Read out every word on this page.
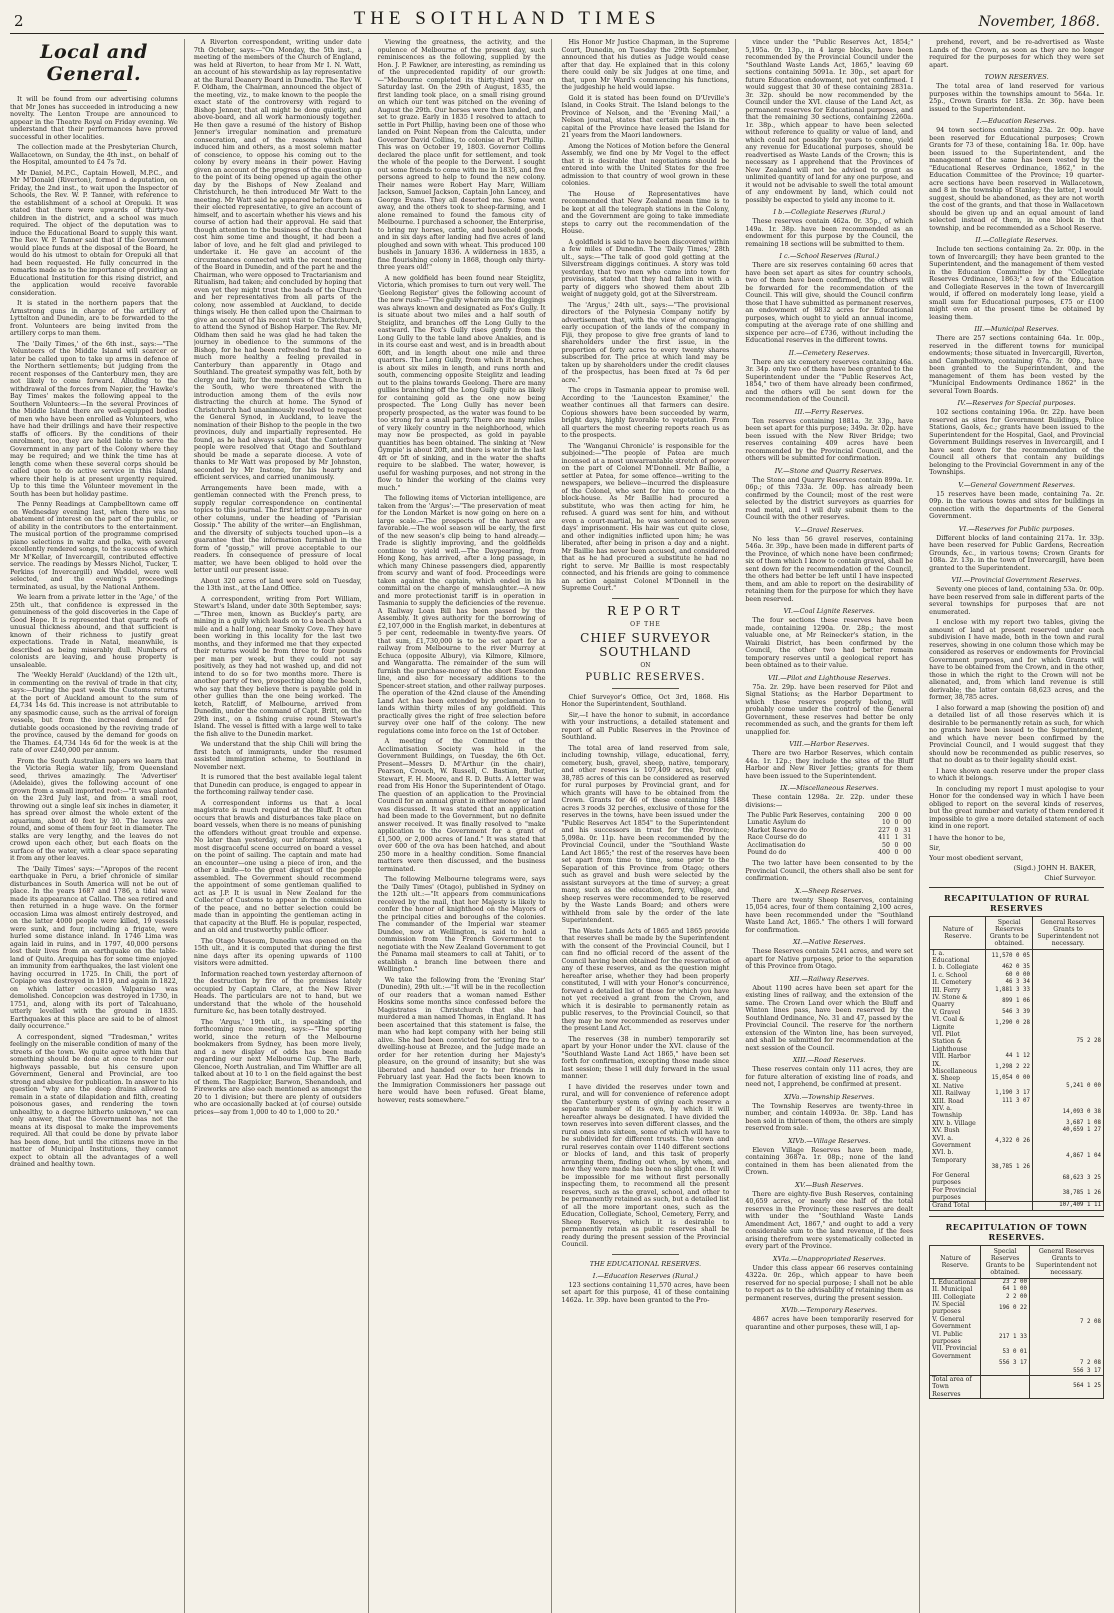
2	THE SOITHLAND TIMES	November, 1868.
Local and General.

It will be found from our advertising columns that Mr Jones has succeeded in introducing a new novelty. The Lenton Troupe are announced to appear in the Theatre Royal on Friday evening. We understand that their performances have proved successful in other localities.

The collection made at the Presbyterian Church, Wallacetown, on Sunday, the 4th inst., on behalf of the Hospital, amounted to £4 7s 7d.

Mr Daniel, M.P.C., Captain Howell, M.P.C., and Mr M'Donald (Riverton), formed a deputation, on Friday, the 2nd inst., to wait upon the Inspector of Schools, the Rev. W. P. Tanner, with reference to the establishment of a school at Orepuki. It was stated that there were upwards of thirty-two children in the district, and a school was much required. The object of the deputation was to induce the Educational Board to supply this want. The Rev. W. P. Tanner said that if the Government would place funds at the disposal of the Board, he would do his utmost to obtain for Orepuki all that had been requested. He fully concurred in the remarks made as to the importance of providing an Educational Institution for this rising district, and the application would receive favorable consideration.

It is stated in the northern papers that the Armstrong guns in charge of the artillery of Lyttelton and Dunedin, are to be forwarded to the front. Volunteers are being invited from the artillery corps to man them.

The 'Daily Times,' of the 6th inst., says:—"The Volunteers of the Middle Island will scarcer or later be called upon to take up arms in defence of the Northern settlements; but judging from the recent responses of the Canterbury men, they are not likely to come forward. Alluding to the withdrawal of the forces from Napier, the 'Hawke's Bay Times' makes the following appeal to the Southern Volunteers:—In the several Provinces of the Middle Island there are well-equipped bodies of men who have been enrolled as Volunteers, who have had their drillings and have their respective staffs of officers. By the conditions of their enrolment, too, they are held liable to serve the Government in any part of the Colony where they may be required; and we think the time has at length come when these several corps should be called upon to do active service in this Island, where their help is at present urgently required. Up to this time the Volunteer movement in the South has been but holiday pastime.

The Penny Readings at Campbelltown came off on Wednesday evening last, when there was no abatement of interest on the part of the public, or of ability in the contributors to the entertainment. The musical portion of the programme comprised piano selections in waltz and polka, with several excellently rendered songs, to the success of which Mr M'Kellar, of Invercargill, contributed effective service. The readings by Messrs Nichol, Tucker, T. Perkins (of Invercargill) and Waddel, were well selected, and the evening's proceedings terminated, as usual, by the National Anthem.

We learn from a private letter in the 'Age,' of the 25th ult., that confidence is expressed in the genuineness of the gold discoveries in the Cape of Good Hope. It is represented that quartz reefs of unusual thickness abound, and that sufficient is known of their richness to justify great expectations. Trade in Natal, meanwhile, is described as being miserably dull. Numbers of colonists are leaving, and house property is unsaleable.

The 'Weekly Herald' (Auckland) of the 12th ult., in commenting on the revival of trade in that city, says:—During the past week the Customs returns at the port of Auckland amount to the sum of £4,734 14s 6d. This increase is not attributable to any spasmodic cause, such as the arrival of foreign vessels, but from the increased demand for dutiable goods occasioned by the reviving trade of the province, caused by the demand for goods on the Thames. £4,734 14s 6d for the week is at the rate of over £240,000 per annum.

From the South Australian papers we learn that the Victoria Regia water lily, from Queensland seed, thrives amazingly. The 'Advertiser' (Adelaide), gives the following account of one grown from a small imported root:—"It was planted on the 23rd July last, and from a small root, throwing out a single leaf six inches in diameter, it has spread over almost the whole extent of the aquarium, about 40 feet by 30. The leaves are round, and some of them four feet in diameter. The stalks are very lengthy, and the leaves do not crowd upon each other, but each floats on the surface of the water, with a clear space separating it from any other leaves.

The 'Daily Times' says:—"Apropos of the recent earthquake in Peru, a brief chronicle of similar disturbances in South America will not be out of place. In the years 1687 and 1786, a tidal wave made its appearance at Callao. The sea retired and then returned in a huge wave. On the former occasion Lima was almost entirely destroyed, and on the latter 4000 people were killed, 19 vessels were sunk, and four, including a frigate, were hurled some distance inland. In 1746 Lima was again laid in ruins, and in 1797, 40,000 persons lost their lives from an earthquake on the table-land of Quito. Arequipa has for some time enjoyed an immunity from earthquakes, the last violent one having occurred in 1725. In Chili, the port of Copiapo was destroyed in 1819, and again in 1822, on which latter occasion Valparaiso was demolished. Concepcion was destroyed in 1730, in 1751, and, along with its port of Talcahuano, utterly levelled with the ground in 1835. Earthquakes at this place are said to be of almost daily occurrence."

A correspondent, signed "Tradesman," writes feelingly on the miserable condition of many of the streets of the town. We quite agree with him that something should be done at once to render our highways passable, but his censure upon Government, General and Provincial, are too strong and abusive for publication. In answer to his question "why are the deep drains allowed to remain in a state of dilapidation and filth, creating poisonous gases, and rendering the town unhealthy, to a degree hitherto unknown," we can only answer, that the Government has not the means at its disposal to make the improvements required. All that could be done by private labor has been done, but until the citizens move in the matter of Municipal Institutions, they cannot expect to obtain all the advantages of a well drained and healthy town.

A Riverton correspondent, writing under date 7th October, says:—"On Monday, the 5th inst., a meeting of the members of the Church of England, was held at Riverton, to hear from Mr I. N. Watt, an account of his stewardship as lay representative at the Rural Deanery Board in Dunedin. The Rev W. F. Oldham, the Chairman, announced the object of the meeting, viz., to make known to the people the exact state of the controversy with regard to Bishop Jenner, that all might be done quietly, and above-board, and all work harmoniously together. He then gave a resumé of the history of Bishop Jenner's irregular nomination and premature consecration, and of the reasons which had induced him and others, as a most solemn matter of conscience, to oppose his coming out to the colony by every means in their power. Having given an account of the progress of the question up to the point of its being opened up again the other day by the Bishops of New Zealand and Christchurch, he then introduced Mr Watt to the meeting. Mr Watt said he appeared before them as their elected representative, to give an account of himself, and to ascertain whether his views and his course of action had their approval. He said that though attention to the business of the church had cost him some time and thought, it had been a labor of love, and he felt glad and privileged to undertake it. He gave an account of the circumstances connected with the recent meeting of the Board in Dunedin, and of the part he and the Chairman, who were opposed to Tractarianism and Ritualism, had taken; and concluded by hoping that even yet they might trust the heads of the Church and her representatives from all parts of the colony, now assembled at Auckland, to decide things wisely. He then called upon the Chairman to give an account of his recent visit to Christchurch, to attend the Synod of Bishop Harper. The Rev. Mr Oldham then said he was glad he had taken the journey in obedience to the summons of the Bishop, for he had been refreshed to find that so much more healthy a feeling prevailed in Canterbury than apparently in Otago and Southland. The greatest sympathy was felt, both by clergy and laity, for the members of the Church in the South, who were threatened with the introduction among them of the evils now distracting the church at home. The Synod of Christchurch had unanimously resolved to request the General Synod, in Auckland, to leave the nomination of their Bishop to the people in the two provinces, duly and impartially represented. He found, as he had always said, that the Canterbury people were resolved that Otago and Southland should be made a separate diocese. A vote of thanks to Mr Watt was proposed by Mr Johnston, seconded by Mr Instone, for his hearty and efficient services, and carried unanimously.

Arrangements have been made, with a gentleman connected with the French press, to supply regular correspondence on continental topics to this journal. The first letter appears in our other columns, under the heading of "Parisian Gossip." The ability of the writer—an Englishman, and the diversity of subjects touched upon—is a guarantee that the information furnished in the form of "gossip," will prove acceptable to our readers. In consequence of pressure of local matter, we have been obliged to hold over the letter until our present issue.

About 320 acres of land were sold on Tuesday, the 13th inst., at the Land Office.

A correspondent, writing from Port William, Stewart's Island, under date 30th September, says:—"Three men, known as Buckley's party, are mining in a gully which leads on to a beach about a mile and a half long, near Smoky Cove. They have been working in this locality for the last two months, and they informed me that they expected their returns would be from three to four pounds per man per week, but they could not say positively, as they had not washed up, and did not intend to do so for two months more. There is another party of two, prospecting along the beach, who say that they believe there is payable gold in other gullies than the one being worked. The ketch, Ratcliff, of Melbourne, arrived from Dunedin, under the command of Capt. Britt, on the 29th inst., on a fishing cruise round Stewart's Island. The vessel is fitted with a large well to take the fish alive to the Dunedin market.

We understand that the ship Chili will bring the first batch of immigrants, under the resumed assisted immigration scheme, to Southland in November next.

It is rumored that the best available legal talent that Dunedin can produce, is engaged to appear in the forthcoming railway tender case.

A correspondent informs us that a local magistrate is much required at the Bluff. It often occurs that brawls and disturbances take place on board vessels, when there is no means of punishing the offenders without great trouble and expense. No later than yesterday, our informant states, a most disgraceful scene occurred on board a vessel on the point of sailing. The captain and mate had an encounter—one using a piece of iron, and the other a knife—to the great disgust of the people assembled. The Government should recommend the appointment of some gentleman qualified to act as J.P. It is usual in New Zealand for the Collector of Customs to appear in the commission of the peace, and no better selection could be made than in appointing the gentleman acting in that capacity at the Bluff. He is popular, respected, and an old and trustworthy public officer.

The Otago Museum, Dunedin was opened on the 15th ult., and it is computed that during the first nine days after its opening upwards of 1100 visitors were admitted.

Information reached town yesterday afternoon of the destruction by fire of the premises lately occupied by Captain Clare, at the New River Heads. The particulars are not to hand, but we understand that the whole of the household furniture &c, has been totally destroyed.

The 'Argus,' 19th ult., in speaking of the forthcoming race meeting, says:—"The sporting world, since the return of the Melbourne bookmakers from Sydney, has been more lively, and a new display of odds has been made regarding our next Melbourne Cup. The Barb, Glencoe, North Australian, and Tim Whiffler are all talked about at 10 to 1 on the field against the best of them. The Ragpicker, Barwon, Shenandoah, and Fireworks are also each mentioned as amongst the 20 to 1 division; but there are plenty of outsiders who are occasionally backed at (of course) outside prices—say from 1,000 to 40 to 1,000 to 20."

Viewing the greatness, the activity, and the opulence of Melbourne of the present day, such reminiscences as the following, supplied by the Hon. J. P. Fawkner, are interesting, as reminding us of the unprecedented rapidity of our growth:—"Melbourne completed its thirty-third year on Saturday last. On the 29th of August, 1835, the first landing took place, on a small rising ground on which our tent was pitched on the evening of August the 29th. Our horses were then landed, and set to graze. Early in 1835 I resolved to attach to settle in Port Phillip, having been one of those who landed on Point Nepean from the Calcutta, under Governor David Collins, to colonise at Port Phillip. This was on October 19, 1803. Governor Collins declared the place unfit for settlement, and took the whole of the people to the Derwent. I sought out some friends to come with me in 1835, and five persons agreed to help to found the new colony. Their names were Robert Hay Marr, William Jackson, Samuel Jackson, Captain John Lancey, and George Evans. They all deserted me. Some went away, and the others took to sheep-farming, and I alone remained to found the famous city of Melbourne. I purchased a schooner, the Enterprise, to bring my horses, cattle, and household goods, and in six days after landing had five acres of land ploughed and sown with wheat. This produced 100 bushels in January 1836. A wilderness in 1835, a fine flourishing colony in 1868, though only thirty-three years old!"

A new goldfield has been found near Steiglitz, Victoria, which promises to turn out very well. The 'Geelong Register' gives the following account of the new rush:—"The gully wherein are the diggings was always known and designated as Fox's Gully. It is situate about two miles and a half south of Steiglitz, and branches off the Long Gully to the eastward. The Fox's Gully rises gently from the Long Gully to the table land above Anakies, and is in its course east and west, and is in breadth about 60ft, and in length about one mile and three quarters. The Long Gully, from which it branches, is about six miles in length, and runs north and south, commencing opposite Steiglitz and leading out to the plains towards Geelong. There are many gullies branching off the Long Gully quite as likely for containing gold as the one now being prospected. The Long Gully has never been properly prospected, as the water was found to be too strong for a small party. There are many miles of very likely country in the neighborhood, which may now be prospected, as gold in payable quantities has been obtained. The sinking at 'New Gympie' is about 20ft, and there is water in the last 4ft or 5ft of sinking, and in the water the shafts require to be slabbed. The water, however, is useful for washing purposes, and not strong in the flow to hinder the working of the claims very much."

The following items of Victorian intelligence, are taken from the 'Argus':—"The preservation of meat for the London Market is now going on here on a large scale.—The prospects of the harvest are favorable.—The wool season will be early, the first of the new season's clip being to hand already.—Trade is slightly improving, and the goldfields continue to yield well.—The Daypearing, from Hong Kong, has arrived, after a long passage, in which many Chinese passengers died, apparently from scurvy and want of food. Proceedings were taken against the captain, which ended in his committal on the charge of manslaughter.—A new and more protectionist tariff is in operation in Tasmania to supply the deficiencies of the revenue. A Railway Loan Bill has been passed by the Assembly. It gives authority for the borrowing of £2,107,000 in the English market, in debentures at 5 per cent, redeemable in twenty-five years. Of that sum, £1,730,000 is to be set apart for a railway from Melbourne to the river Murray at Echuca (opposite Albury), via Kilmore, Kilmore, and Wangaratta. The remainder of the sum will furnish the purchase-money of the short Essendon line, and also for necessary additions to the Spencer-street station, and other railway purposes. The operation of the 42nd clause of the Amending Land Act has been extended by proclamation to lands within thirty miles of any goldfield. This practically gives the right of free selection before survey over one half of the colony. The new regulations come into force on the 1st of October.

A meeting of the Committee of the Acclimatisation Society was held in the Government Buildings, on Tuesday, the 6th Oct. Present—Messrs D. M'Arthur (in the chair), Pearson, Crouch, W. Russell, C. Bastian, Butler, Stewart, F. H. Moore, and R. D. Butts. A letter was read from His Honor the Superintendent of Otago. The question of an application to the Provincial Council for an annual grant in either money or land was discussed. It was stated that an application had been made to the Government, but no definite answer received. It was finally resolved to "make application to the Government for a grant of £1,500, or 2,000 acres of land." It was stated that over 600 of the ova has been hatched, and about 250 more in a healthy condition. Some financial matters were then discussed, and the business terminated.

The following Melbourne telegrams were, says the 'Daily Times' (Otago), published in Sydney on the 12th ult.:—"It appears from communications received by the mail, that her Majesty is likely to confer the honor of knighthood on the Mayors of the principal cities and boroughs of the colonies. The commander of the Imperial war steamer Dundee, now at Wellington, is said to hold a commission from the French Government to negotiate with the New Zealand Government to get the Panama mail steamers to call at Tahiti, or to establish a branch line between there and Wellington."

We take the following from the 'Evening Star' (Dunedin), 29th ult.:—"It will be in the recollection of our readers that a woman named Esther Hoskins some months since confessed before the Magistrates in Christchurch that she had murdered a man named Thomas, in England. It has been ascertained that this statement is false, the man who had kept company with her being still alive. She had been convicted for setting fire to a dwelling-house at Brezee, and the Judge made an order for her retention during her Majesty's pleasure, on the ground of insanity; but she was liberated and handed over to her friends in February last year. Had the facts been known to the Immigration Commissioners her passage out here would have been refused. Great blame, however, rests somewhere."

His Honor Mr Justice Chapman, in the Supreme Court, Dunedin, on Tuesday the 29th September, announced that his duties as Judge would cease after that day. He explained that in this colony there could only be six Judges at one time, and that, upon Mr Ward's commencing his functions, the judgeship he held would lapse.

Gold it is stated has been found on D'Urville's Island, in Cooks Strait. The Island belongs to the Province of Nelson, and the 'Evening Mail,' a Nelson journal, states that certain parties in the capital of the Province have leased the Island for 21 years from the Maori landowners.

Among the Notices of Motion before the General Assembly, we find one by Mr Vogel to the effect that it is desirable that negotiations should be entered into with the United States for the free admission to that country of wool grown in these colonies.

The House of Representatives have recommended that New Zealand mean time is to be kept at all the telegraph stations in the Colony, and the Government are going to take immediate steps to carry out the recommendation of the House.

A goldfield is said to have been discovered within a few miles of Dunedin. The 'Daily Times,' 28th ult., says:—"The talk of good gold getting at the Silverstream diggings continues. A story was told yesterday, that two men who came into town for provisions, stated that they had fallen in with a party of diggers who showed them about 2lb weight of nuggety gold, got at the Silverstream.

The 'Argus,' 24th ult., says:—"The provisional directors of the Polynesia Company notify by advertisement that, with the view of encouraging early occupation of the lands of the company in Fiji, they propose to give free grants of land to shareholders under the first issue, in the proportion of forty acres to every twenty shares subscribed for. The price at which land may be taken up by shareholders under the credit clauses of the prospectus, has been fixed at 7s 6d per acre."

The crops in Tasmania appear to promise well. According to the 'Launceston Examiner,' the weather continues all that farmers can desire. Copious showers have been succeeded by warm, bright days, highly favorable to vegetation. From all quarters the most cheering reports reach us as to the prospects.

The 'Wanganui Chronicle' is responsible for the subjoined:—"The people of Patea are much incensed at a most unwarrantable stretch of power on the part of Colonel M'Donnell. Mr Baillie, a settler at Patea, for some offence—writing to the newspapers, we believe—incurred the displeasure of the Colonel, who sent for him to come to the block-house. As Mr Baillie had procured a substitute, who was then acting for him, he refused. A guard was sent for him, and without even a court-martial, he was sentenced to seven days' imprisonment. His hair was cut quite close, and other indignities inflicted upon him; he was liberated, after being in prison a day and a night. Mr Baillie has never been accused, and considered that as he had procured a substitute he had no right to serve. Mr Baillie is most respectably connected, and his friends are going to commence an action against Colonel M'Donnell in the Supreme Court."

REPORT
OF THE
CHIEF SURVEYOR SOUTHLAND
ON
PUBLIC RESERVES.

Chief Surveyor's Office, Oct 3rd, 1868. His Honor the Superintendent, Southland.

Sir,—I have the honor to submit, in accordance with your instructions, a detailed statement and report of all Public Reserves in the Province of Southland.

The total area of land reserved from sale, including township, village, educational, ferry, cemetery, bush, gravel, sheep, native, temporary, and other reserves is 107,409 acres, but only 38,785 acres of this can be considered as reserved for rural purposes by Provincial grant, and for which grants will have to be obtained from the Crown. Grants for 46 of these containing 1884 acres 3 roods 32 perches, exclusive of those for the reserves in the towns, have been issued under the "Public Reserves Act 1854" to the Superintendent and his successors in trust for the Province; 5,098a. 0r. 11p. have been recommended by the Provincial Council, under the "Southland Waste Land Act 1865;" the rest of the reserves have been set apart from time to time, some prior to the Separation of this Province from Otago; others such as gravel and bush were selected by the assistant surveyors at the time of survey; a great many, such as the education, ferry, village, and sheep reserves were recommended to be reserved by the Waste Lands Board; and others were withheld from sale by the order of the late Superintendent.

The Waste Lands Acts of 1865 and 1865 provide that reserves shall be made by the Superintendent with the consent of the Provincial Council, but I can find no official record of the assent of the Council having been obtained for the reservation of any of these reserves, and as the question might hereafter arise, whether they had been properly constituted, I will with your Honor's concurrence, forward a detailed list of those for which you have not yet received a grant from the Crown, and which it is desirable to permanently retain as public reserves, to the Provincial Council, so that they may be now recommended as reserves under the present Land Act.

The reserves (38 in number) temporarily set apart by your Honor under the XVI. clause of the "Southland Waste Land Act 1865," have been set forth for confirmation, excepting those made since last session; these I will duly forward in the usual manner.

I have divided the reserves under town and rural, and will for convenience of reference adopt the Canterbury system of giving each reserve a separate number of its own, by which it will hereafter always be designated. I have divided the town reserves into seven different classes, and the rural ones into sixteen, some of which will have to be subdivided for different trusts. The town and rural reserves contain over 1140 different sections or blocks of land, and this task of properly arranging them, finding out when, by whom, and how they were made has been no slight one. It will be impossible for me without first personally inspecting them, to recommend all the present reserves, such as the gravel, school, and other to be permanently retained as such, but a detailed list of all the more important ones, such as the Education, Collegiate, School, Cemetery, Ferry, and Sheep Reserves, which it is desirable to permanently retain as public reserves shall be ready during the present session of the Provincial Council.

THE EDUCATIONAL RESERVES.
I.—Education Reserves (Rural.)

123 sections containing 11,570 acres, have been set apart for this purpose, 41 of these containing 1462a. 1r. 39p. have been granted to the Pro-

vince under the "Public Reserves Act, 1854;" 5,195a. 0r. 13p., in 4 large blocks, have been recommended by the Provincial Council under the "Southland Waste Lands Act, 1865," leaving 69 sections containing 5091a. 1r. 30p., set apart for future Education endowment, not yet confirmed. I would suggest that 30 of these containing 2831a. 3r. 32p. should be now recommended by the Council under the XVI. clause of the Land Act, as permanent reserves for Educational purposes, and that the remaining 30 sections, containing 2260a. 1r. 38p., which appear to have been selected without reference to quality or value of land, and which could not possibly for years to come, yield any revenue for Educational purposes, should be readvertised as Waste Lands of the Crown; this is necessary as I apprehend that the Provinces of New Zealand will not be advised to grant as unlimited quantity of land for any one purpose, and it would not be advisable to swell the total amount of any endowment by land, which could not possibly be expected to yield any income to it.

I b.—Collegiate Reserves (Rural.)

These reserves contain 462a. 0r. 35p., of which 149a. 1r. 38p. have been recommended as an endowment for this purpose by the Council, the remaining 18 sections will be submitted to them.

I c.—School Reserves (Rural.)

There are six reserves containing 60 acres that have been set apart as sites for country schools, two of them have been confirmed, the others will be forwarded for the recommendation of the Council. This will give, should the Council confirm those that I have submitted as permanent reserves, an endowment of 9832 acres for Educational purposes, which ought to yield an annual income, computing at the average rate of one shilling and sixpence per acre—of £736, without including the Educational reserves in the different towns.

II.—Cemetery Reserves.

There are six cemetery reserves containing 46a. 3r. 34p. only two of them have been granted to the Superintendent under the "Public Reserves Act, 1854," two of them have already been confirmed, and the others will be sent down for the recommendation of the Council.

III.—Ferry Reserves.

Ten reserves containing 1881a. 3r. 33p., have been set apart for this purpose; 349a. 3r. 02p. have been issued with the New River Bridge; two reserves containing 409 acres have been recommended by the Provincial Council, and the others will be submitted for confirmation.

IV.—Stone and Quarry Reserves.

The Stone and Quarry Reserves contain 899a. 1r. 06p.; of this 733a. 3r. 00p. has already been confirmed by the Council; most of the rest were selected by the district surveyors as quarries for road metal, and I will duly submit them to the Council with the other reserves.

V.—Gravel Reserves.

No less than 56 gravel reserves, containing 546a. 3r. 39p., have been made in different parts of the Province, of which none have been confirmed; six of them which I know to contain gravel, shall be sent down for the recommendation of the Council, the others had better be left until I have inspected them, and am able to report on the desirability of retaining them for the purpose for which they have been reserved.

VI.—Coal Lignite Reserves.

The four sections these reserves have been made, containing 1290a. 0r. 28p.; the most valuable one, at Mr Reinecker's station, in the Wairaki District, has been confirmed by the Council, the other two had better remain temporary reserves until a geological report has been obtained as to their value.

VII.—Pilot and Lighthouse Reserves.

75a. 2r. 29p. have been reserved for Pilot and Signal Stations; as the Harbor Department to which these reserves properly belong, will probably come under the control of the General Government, these reserves had better be only recommended as such, and the grants for them left unapplied for.

VIII.—Harbor Reserves.

There are two Harbor Reserves, which contain 44a. 1r. 12p.; they include the sites of the Bluff Harbor and New River Jetties; grants for them have been issued to the Superintendent.

IX.—Miscellaneous Reserves.

These contain 1298a. 2r. 22p. under these divisions:—

The Public Park Reserves, containing	200	0	00
Lunatic Asylum do	10	0	00
Market Reserve do	227	0	31
Race Course do do	411	1	31
Acclimatisation do	50	0	00
Pound do do	400	0	00

The two latter have been consented to by the Provincial Council, the others shall also be sent for confirmation.

X.—Sheep Reserves.

There are twenty Sheep Reserves, containing 15,054 acres, four of them containing 2,100 acres, have been recommended under the "Southland Waste Land Act, 1865." The others I will forward for confirmation.

XI.—Native Reserves.

These Reserves contain 5241 acres, and were set apart for Native purposes, prior to the separation of this Province from Otago.

XII.—Railway Reserves.

About 1190 acres have been set apart for the existing lines of railway, and the extension of the same. The Crown Land over which the Bluff and Winton lines pass, have been reserved by the Southland Ordinance, No. 31 and 47, passed by the Provincial Council. The reserve for the northern extension of the Winton line, has been surveyed, and shall be submitted for recommendation at the next session of the Council.

XIII.—Road Reserves.

These reserves contain only 111 acres, they are for future alteration of existing line of roads, and need not, I apprehend, be confirmed at present.

XIVa.—Township Reserves.

The Township Reserves are twenty-three in number, and contain 14093a. 0r. 38p. Land has been sold in thirteen of them, the others are simply reserved from sale.

XIVb.—Village Reserves.

Eleven Village Reserves have been made, containing 3687a. 1r. 08p.; none of the land contained in them has been alienated from the Crown.

XV.—Bush Reserves.

There are eighty-five Bush Reserves, containing 40,659 acres, or nearly one half of the total reserves in the Province; these reserves are dealt with under the "Southland Waste Lands Amendment Act, 1867," and ought to add a very considerable sum to the land revenue, if the fees arising therefrom were systematically collected in every part of the Province.

XVIa.—Unappropriated Reserves.

Under this class appear 66 reserves containing 4322a. 0r. 26p., which appear to have been reserved for no special purpose; I shall not be able to report as to the advisability of retaining them as permanent reserves, during the present session.

XVIb.—Temporary Reserves.

4867 acres have been temporarily reserved for quarantine and other purposes, these will, I ap-

prehend, revert, and be re-advertised as Waste Lands of the Crown, as soon as they are no longer required for the purposes for which they were set apart.

TOWN RESERVES.

The total area of land reserved for various purposes within the townships amount to 564a. 1r. 25p., Crown Grants for 183a. 2r. 36p. have been issued to the Superintendent.

I.—Education Reserves.

94 town sections containing 23a. 2r. 00p. have been reserved for Educational purposes; Crown Grants for 73 of these, containing 18a. 1r. 00p. have been issued to the Superintendent, and the management of the same has been vested by the "Educational Reserves Ordinance, 1862," in the Education Committee of the Province; 19 quarter-acre sections have been reserved in Wallacetown, and 8 in the township of Stanley; the latter, I would suggest, should be abandoned, as they are not worth the cost of the grants, and that those in Wallacetown should be given up and an equal amount of land selected instead of them, in one block in that township, and be recommended as a School Reserve.

II.—Collegiate Reserves.

Include ten sections containing 2a. 2r. 00p. in the town of Invercargill; they have been granted to the Superintendent, and the management of them vested in the Education Committee by the "Collegiate Reserves Ordinance, 1863;" a few of the Education and Collegiate Reserves in the town of Invercargill would, if offered on moderately long lease, yield a small sum for Educational purposes, £75 or £100 might even at the present time be obtained by leasing them.

III.—Municipal Reserves.

There are 257 sections containing 64a. 1r. 00p., reserved in the different towns for municipal endowments; those situated in Invercargill, Riverton, and Campbelltown, containing 67a. 3r. 00p., have been granted to the Superintendent, and the management of them has been vested by the "Municipal Endowments Ordinance 1862" in the several Town Boards.

IV.—Reserves for Special purposes.

102 sections containing 196a. 0r. 22p. have been reserved as sites for Government Buildings, Police Stations, Gaols, &c.; grants have been issued to the Superintendent for the Hospital, Gaol, and Provincial Government Buildings reserves in Invercargill, and I have sent down for the recommendation of the Council all others that contain any buildings belonging to the Provincial Government in any of the Townships.

V.—General Government Reserves.

15 reserves have been made, containing 7a. 2r. 09p. in the various towns and sites for buildings in connection with the departments of the General Government.

VI.—Reserves for Public purposes.

Different blocks of land containing 217a. 1r. 33p. have been reserved for Public Gardens, Recreation Grounds, &c., in various towns; Crown Grants for 108a. 2r. 13p. in the town of Invercargill, have been granted to the Superintendent.

VII.—Provincial Government Reserves.

Seventy one pieces of land, containing 53a. 0r. 00p. have been reserved from sale in different parts of the several townships for purposes that are not enumerated.

I enclose with my report two tables, giving the amount of land at present reserved under each subdivision I have made, both in the town and rural reserves, showing in one column those which may be considered as reserves or endowments for Provincial Government purposes, and for which Grants will have to be obtained from the Crown, and in the other, those in which the right to the Crown will not be alienated, and, from which land revenue is still derivable; the latter contain 68,623 acres, and the former, 38,785 acres.

I also forward a map (showing the position of) and a detailed list of all those reserves which it is desirable to be permanently retain as such, for which no grants have been issued to the Superintendent, and which have never been confirmed by the Provincial Council, and I would suggest that they should now be recommended as public reserves, so that no doubt as to their legality should exist.

I have shown each reserve under the proper class to which it belongs.

In concluding my report I must apologise to your Honor for the condensed way in which I have been obliged to report on the several kinds of reserves, but the great number and variety of them rendered it impossible to give a more detailed statement of each kind in one report.

I have the honor to be,
Sir,
Your most obedient servant,
(Sigd.) JOHN H. BAKER,
Chief Surveyor.
RECAPITULATION OF RURAL RESERVES
Nature of Reserve.	Special Reserves Grants to be obtained.	General Reserves Grants to Superintendent not necessary.
I. a. Educational	11,570 0 05	
I. b. Collegiate	462 0 35	
I. c. School	60 0 00	
II. Cemetery	46 3 34	
III. Ferry	1,881 3 33	
IV. Stone & Quarry	899 1 06	
V. Gravel	546 3 39	
VI. Coal & Lignite	1,290 0 28	
VII. Pilot Station & Lighthouse		75 2 28
VIII. Harbor	44 1 12	
IX. Miscellaneous	1,298 2 22	
X. Sheep	15,054 0 00	
XI. Native		5,241 0 00
XII. Railway	1,190 3 17	
XIII. Road	111 3 07	
XIV. a. Township		14,093 0 38
XIV. b. Village		3,687 1 08
XV. Bush		40,659 1 27
XVI. a. Government	4,322 0 26	
XVI. b. Temporary		4,867 1 04
	38,785 1 26	
For General purposes		68,623 3 25
For Provincial purposes		38,785 1 26
Grand Total		107,409 1 11
RECAPITULATION OF TOWN RESERVES.
Nature of Reserve.	Special Reserves Grants to be obtained.	General Reserves Grants to Superintendent not necessary.
I. Educational	23 2 00	
II. Municipal	64 1 00	
III. Collegiate	2 2 00	
IV. Special purposes	196 0 22	
V. General Government		7 2 08
VI. Public purposes	217 1 33	
VII. Provincial Government	53 0 01	
	556 3 17	7 2 08
		556 3 17
Total area of Town Reserves		564 1 25
